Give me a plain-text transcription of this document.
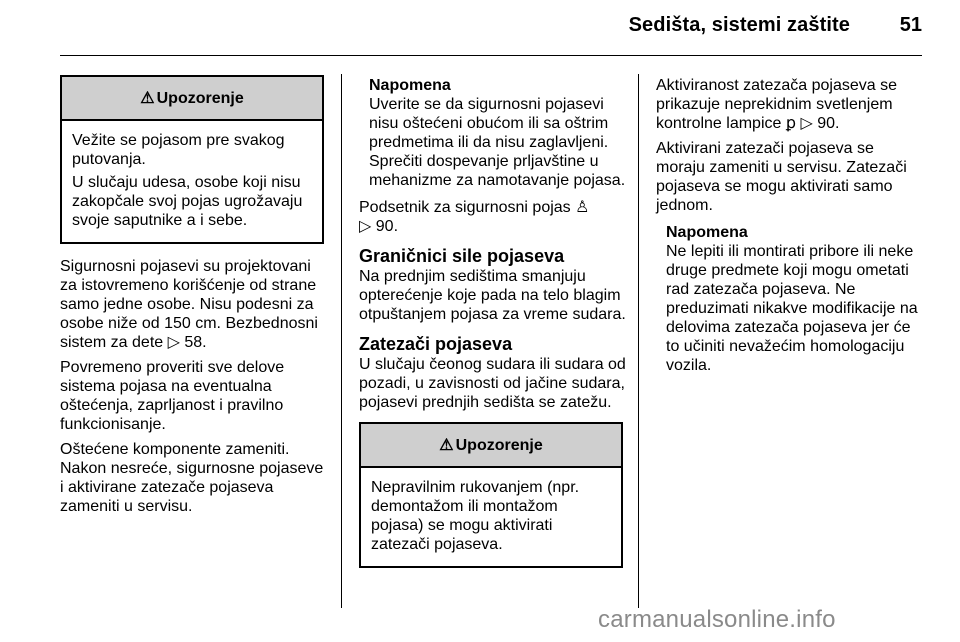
Sedišta, sistemi zaštite	51
⚠ Upozorenje

Vežite se pojasom pre svakog putovanja.

U slučaju udesa, osobe koji nisu zakopčale svoj pojas ugrožavaju svoje saputnike a i sebe.

Sigurnosni pojasevi su projektovani za istovremeno korišćenje od strane samo jedne osobe. Nisu podesni za osobe niže od 150 cm. Bezbednosni sistem za dete ▷ 58.

Povremeno proveriti sve delove sistema pojasa na eventualna oštećenja, zaprljanost i pravilno funkcionisanje.

Oštećene komponente zameniti. Nakon nesreće, sigurnosne pojaseve i aktivirane zatezače pojaseva zameniti u servisu.

Napomena

Uverite se da sigurnosni pojasevi nisu oštećeni obućom ili sa oštrim predmetima ili da nisu zaglavljeni. Sprečiti dospevanje prljavštine u mehanizme za namotavanje pojasa.

Podsetnik za sigurnosni pojas ♙
▷ 90.

Graničnici sile pojaseva

Na prednjim sedištima smanjuju opterećenje koje pada na telo blagim otpuštanjem pojasa za vreme sudara.

Zatezači pojaseva

U slučaju čeonog sudara ili sudara od pozadi, u zavisnosti od jačine sudara, pojasevi prednjih sedišta se zatežu.

⚠ Upozorenje

Nepravilnim rukovanjem (npr. demontažom ili montažom pojasa) se mogu aktivirati zatezači pojaseva.

Aktiviranost zatezača pojaseva se prikazuje neprekidnim svetlenjem kontrolne lampice ꝑ ▷ 90.

Aktivirani zatezači pojaseva se moraju zameniti u servisu. Zatezači pojaseva se mogu aktivirati samo jednom.

Napomena

Ne lepiti ili montirati pribore ili neke druge predmete koji mogu ometati rad zatezača pojaseva. Ne preduzimati nikakve modifikacije na delovima zatezača pojaseva jer će to učiniti nevažećim homologaciju vozila.

carmanualsonline.info
